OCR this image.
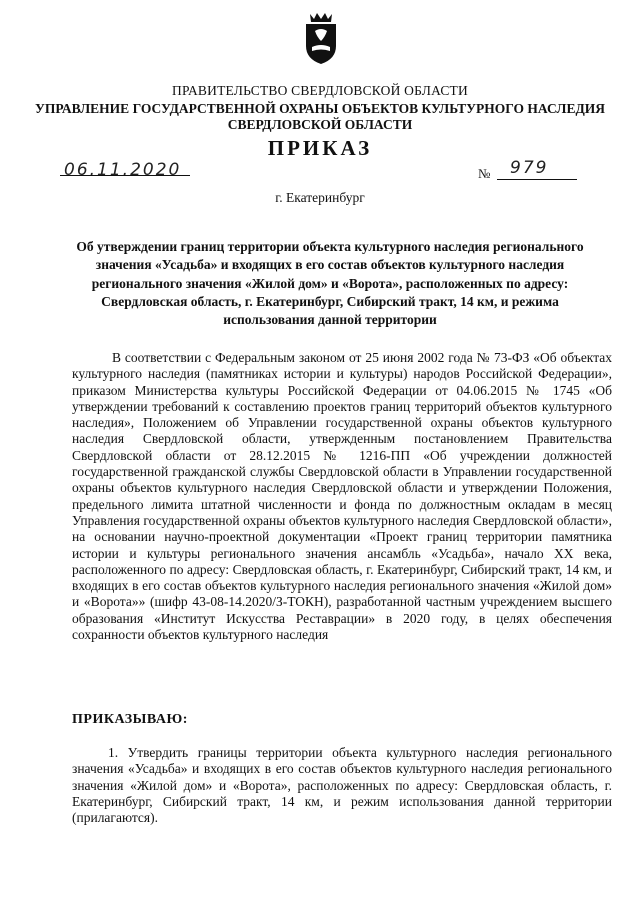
ПРАВИТЕЛЬСТВО СВЕРДЛОВСКОЙ ОБЛАСТИ
УПРАВЛЕНИЕ ГОСУДАРСТВЕННОЙ ОХРАНЫ ОБЪЕКТОВ КУЛЬТУРНОГО НАСЛЕДИЯ
СВЕРДЛОВСКОЙ ОБЛАСТИ
ПРИКАЗ
06.11.2020	№ 979
г. Екатеринбург
Об утверждении границ территории объекта культурного наследия регионального значения «Усадьба» и входящих в его состав объектов культурного наследия регионального значения «Жилой дом» и «Ворота», расположенных по адресу: Свердловская область, г. Екатеринбург, Сибирский тракт, 14 км, и режима использования данной территории

В соответствии с Федеральным законом от 25 июня 2002 года № 73-ФЗ «Об объектах культурного наследия (памятниках истории и культуры) народов Российской Федерации», приказом Министерства культуры Российской Федерации от 04.06.2015 № 1745 «Об утверждении требований к составлению проектов границ территорий объектов культурного наследия», Положением об Управлении государственной охраны объектов культурного наследия Свердловской области, утвержденным постановлением Правительства Свердловской области от 28.12.2015 № 1216-ПП «Об учреждении должностей государственной гражданской службы Свердловской области в Управлении государственной охраны объектов культурного наследия Свердловской области и утверждении Положения, предельного лимита штатной численности и фонда по должностным окладам в месяц Управления государственной охраны объектов культурного наследия Свердловской области», на основании научно-проектной документации «Проект границ территории памятника истории и культуры регионального значения ансамбль «Усадьба», начало XX века, расположенного по адресу: Свердловская область, г. Екатеринбург, Сибирский тракт, 14 км, и входящих в его состав объектов культурного наследия регионального значения «Жилой дом» и «Ворота»» (шифр 43-08-14.2020/З-ТОКН), разработанной частным учреждением высшего образования «Институт Искусства Реставрации» в 2020 году, в целях обеспечения сохранности объектов культурного наследия

ПРИКАЗЫВАЮ:

1. Утвердить границы территории объекта культурного наследия регионального значения «Усадьба» и входящих в его состав объектов культурного наследия регионального значения «Жилой дом» и «Ворота», расположенных по адресу: Свердловская область, г. Екатеринбург, Сибирский тракт, 14 км, и режим использования данной территории (прилагаются).
